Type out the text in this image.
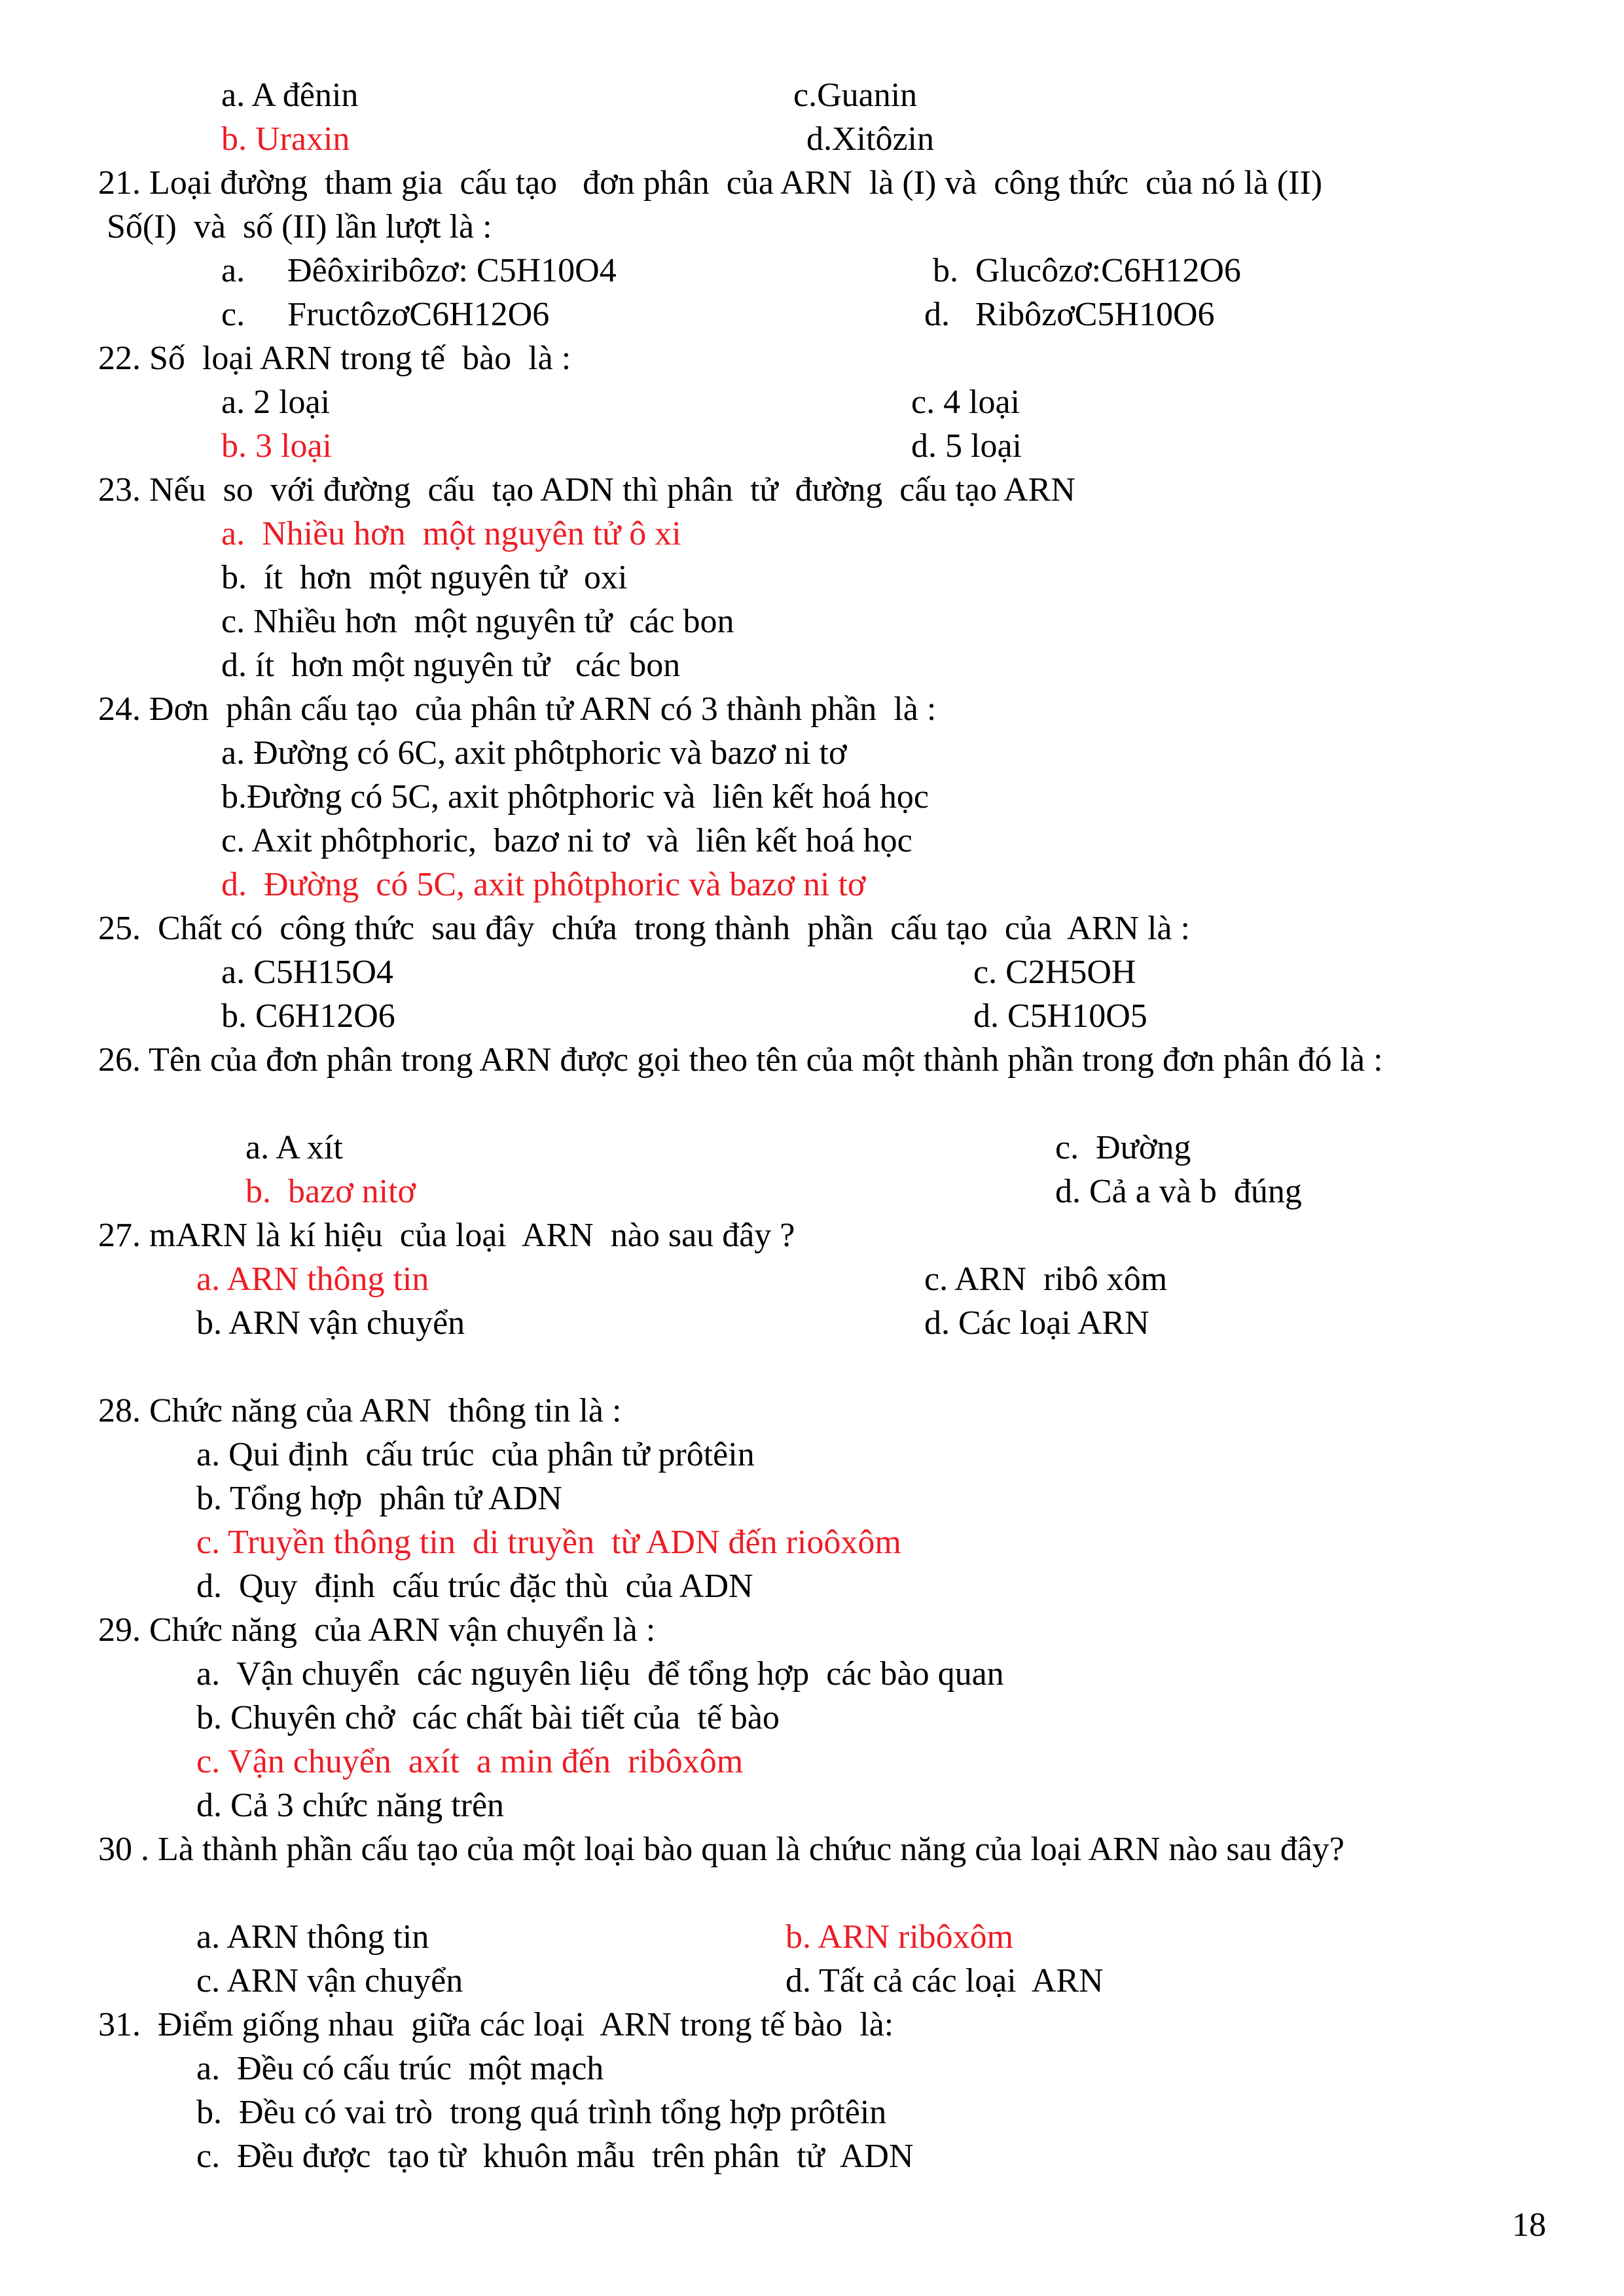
a. A đênin	c.Guanin

b. Uraxin	d.Xitôzin

21. Loại đường  tham gia  cấu tạo   đơn phân  của ARN  là (I) và  công thức  của nó là (II)

Số(I)  và  số (II) lần lượt là :

a.     Đêôxiribôzơ: C5H10O4	b.  Glucôzơ:C6H12O6

c.     FructôzơC6H12O6	d.   RibôzơC5H10O6

22. Số  loại ARN trong tế  bào  là :

a. 2 loại	c. 4 loại

b. 3 loại	d. 5 loại

23. Nếu  so  với đường  cấu  tạo ADN thì phân  tử  đường  cấu tạo ARN

a.  Nhiều hơn  một nguyên tử ô xi

b.  ít  hơn  một nguyên tử  oxi

c. Nhiều hơn  một nguyên tử  các bon

d. ít  hơn một nguyên tử   các bon

24. Đơn  phân cấu tạo  của phân tử ARN có 3 thành phần  là :

a. Đường có 6C, axit phôtphoric và bazơ ni tơ

b.Đường có 5C, axit phôtphoric và  liên kết hoá học

c. Axit phôtphoric,  bazơ ni tơ  và  liên kết hoá học

d.  Đường  có 5C, axit phôtphoric và bazơ ni tơ

25.  Chất có  công thức  sau đây  chứa  trong thành  phần  cấu tạo  của  ARN là :

a. C5H15O4	c. C2H5OH

b. C6H12O6	d. C5H10O5

26. Tên của đơn phân trong ARN được gọi theo tên của một thành phần trong đơn phân đó là :

a. A xít	c.  Đường

b.  bazơ nitơ	d. Cả a và b  đúng

27. mARN là kí hiệu  của loại  ARN  nào sau đây ?

a. ARN thông tin	c. ARN  ribô xôm

b. ARN vận chuyển	d. Các loại ARN

28. Chức năng của ARN  thông tin là :

a. Qui định  cấu trúc  của phân tử prôtêin

b. Tổng hợp  phân tử ADN

c. Truyền thông tin  di truyền  từ ADN đến rioôxôm

d.  Quy  định  cấu trúc đặc thù  của ADN

29. Chức năng  của ARN vận chuyển là :

a.  Vận chuyển  các nguyên liệu  để tổng hợp  các bào quan

b. Chuyên chở  các chất bài tiết của  tế bào

c. Vận chuyển  axít  a min đến  ribôxôm

d. Cả 3 chức năng trên

30 . Là thành phần cấu tạo của một loại bào quan là chứuc năng của loại ARN nào sau đây?

a. ARN thông tin	b. ARN ribôxôm

c. ARN vận chuyển	d. Tất cả các loại  ARN

31.  Điểm giống nhau  giữa các loại  ARN trong tế bào  là:

a.  Đều có cấu trúc  một mạch

b.  Đều có vai trò  trong quá trình tổng hợp prôtêin

c.  Đều được  tạo từ  khuôn mẫu  trên phân  tử  ADN

18
